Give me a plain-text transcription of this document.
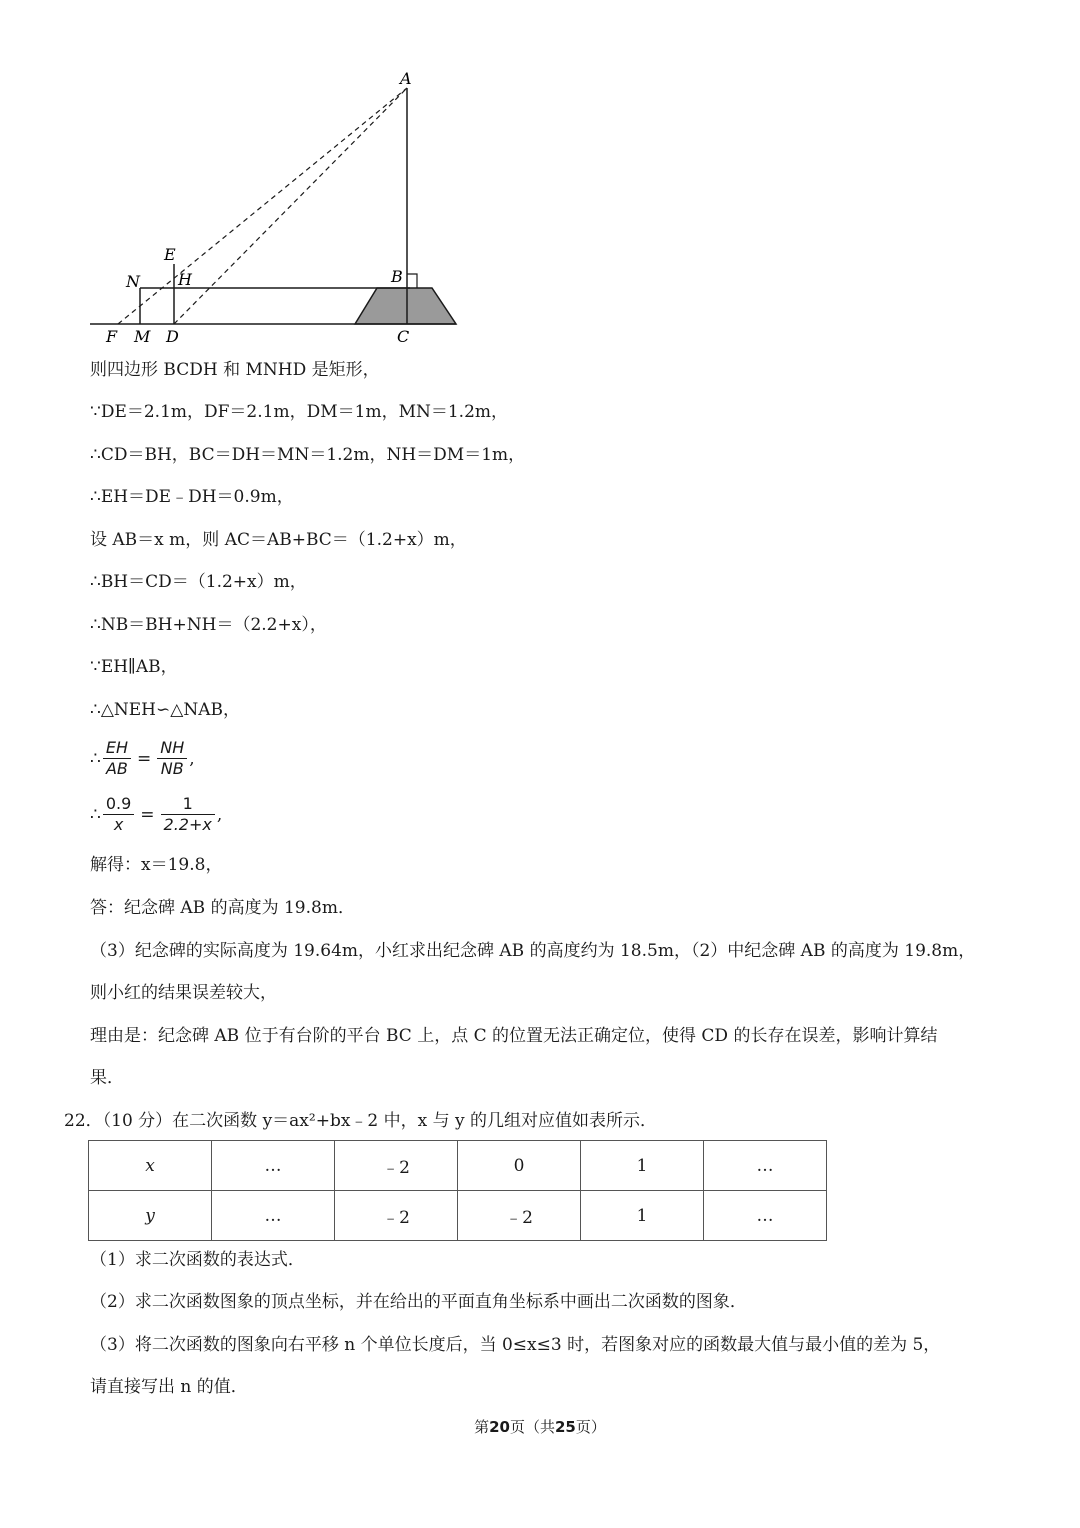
A
B
C
D
E
F
H
M
N
则四边形 BCDH 和 MNHD 是矩形，
∵DE＝2.1m，DF＝2.1m，DM＝1m，MN＝1.2m，
∴CD＝BH，BC＝DH＝MN＝1.2m，NH＝DM＝1m，
∴EH＝DE﹣DH＝0.9m，
设 AB＝x m，则 AC＝AB+BC＝（1.2+x）m，
∴BH＝CD＝（1.2+x）m，
∴NB＝BH+NH＝（2.2+x），
∵EH∥AB，
∴△NEH∽△NAB，
∴ $\frac{EH}{AB} = \frac{NH}{NB}$ ,
∴ $\frac{0.9}{x} = \frac{1}{2.2+x}$ ,
解得：x＝19.8，
答：纪念碑 AB 的高度为 19.8m．
（3）纪念碑的实际高度为 19.64m，小红求出纪念碑 AB 的高度约为 18.5m，（2）中纪念碑 AB 的高度为 19.8m，
则小红的结果误差较大，
理由是：纪念碑 AB 位于有台阶的平台 BC 上，点 C 的位置无法正确定位，使得 CD 的长存在误差，影响计算结
果．
22．（10 分）在二次函数 y＝ax²+bx﹣2 中，x 与 y 的几组对应值如表所示．
x	…	﹣2	0	1	…
y	…	﹣2	﹣2	1	…
（1）求二次函数的表达式．
（2）求二次函数图象的顶点坐标，并在给出的平面直角坐标系中画出二次函数的图象．
（3）将二次函数的图象向右平移 n 个单位长度后，当 0≤x≤3 时，若图象对应的函数最大值与最小值的差为 5，
请直接写出 n 的值．
第20页（共25页）
